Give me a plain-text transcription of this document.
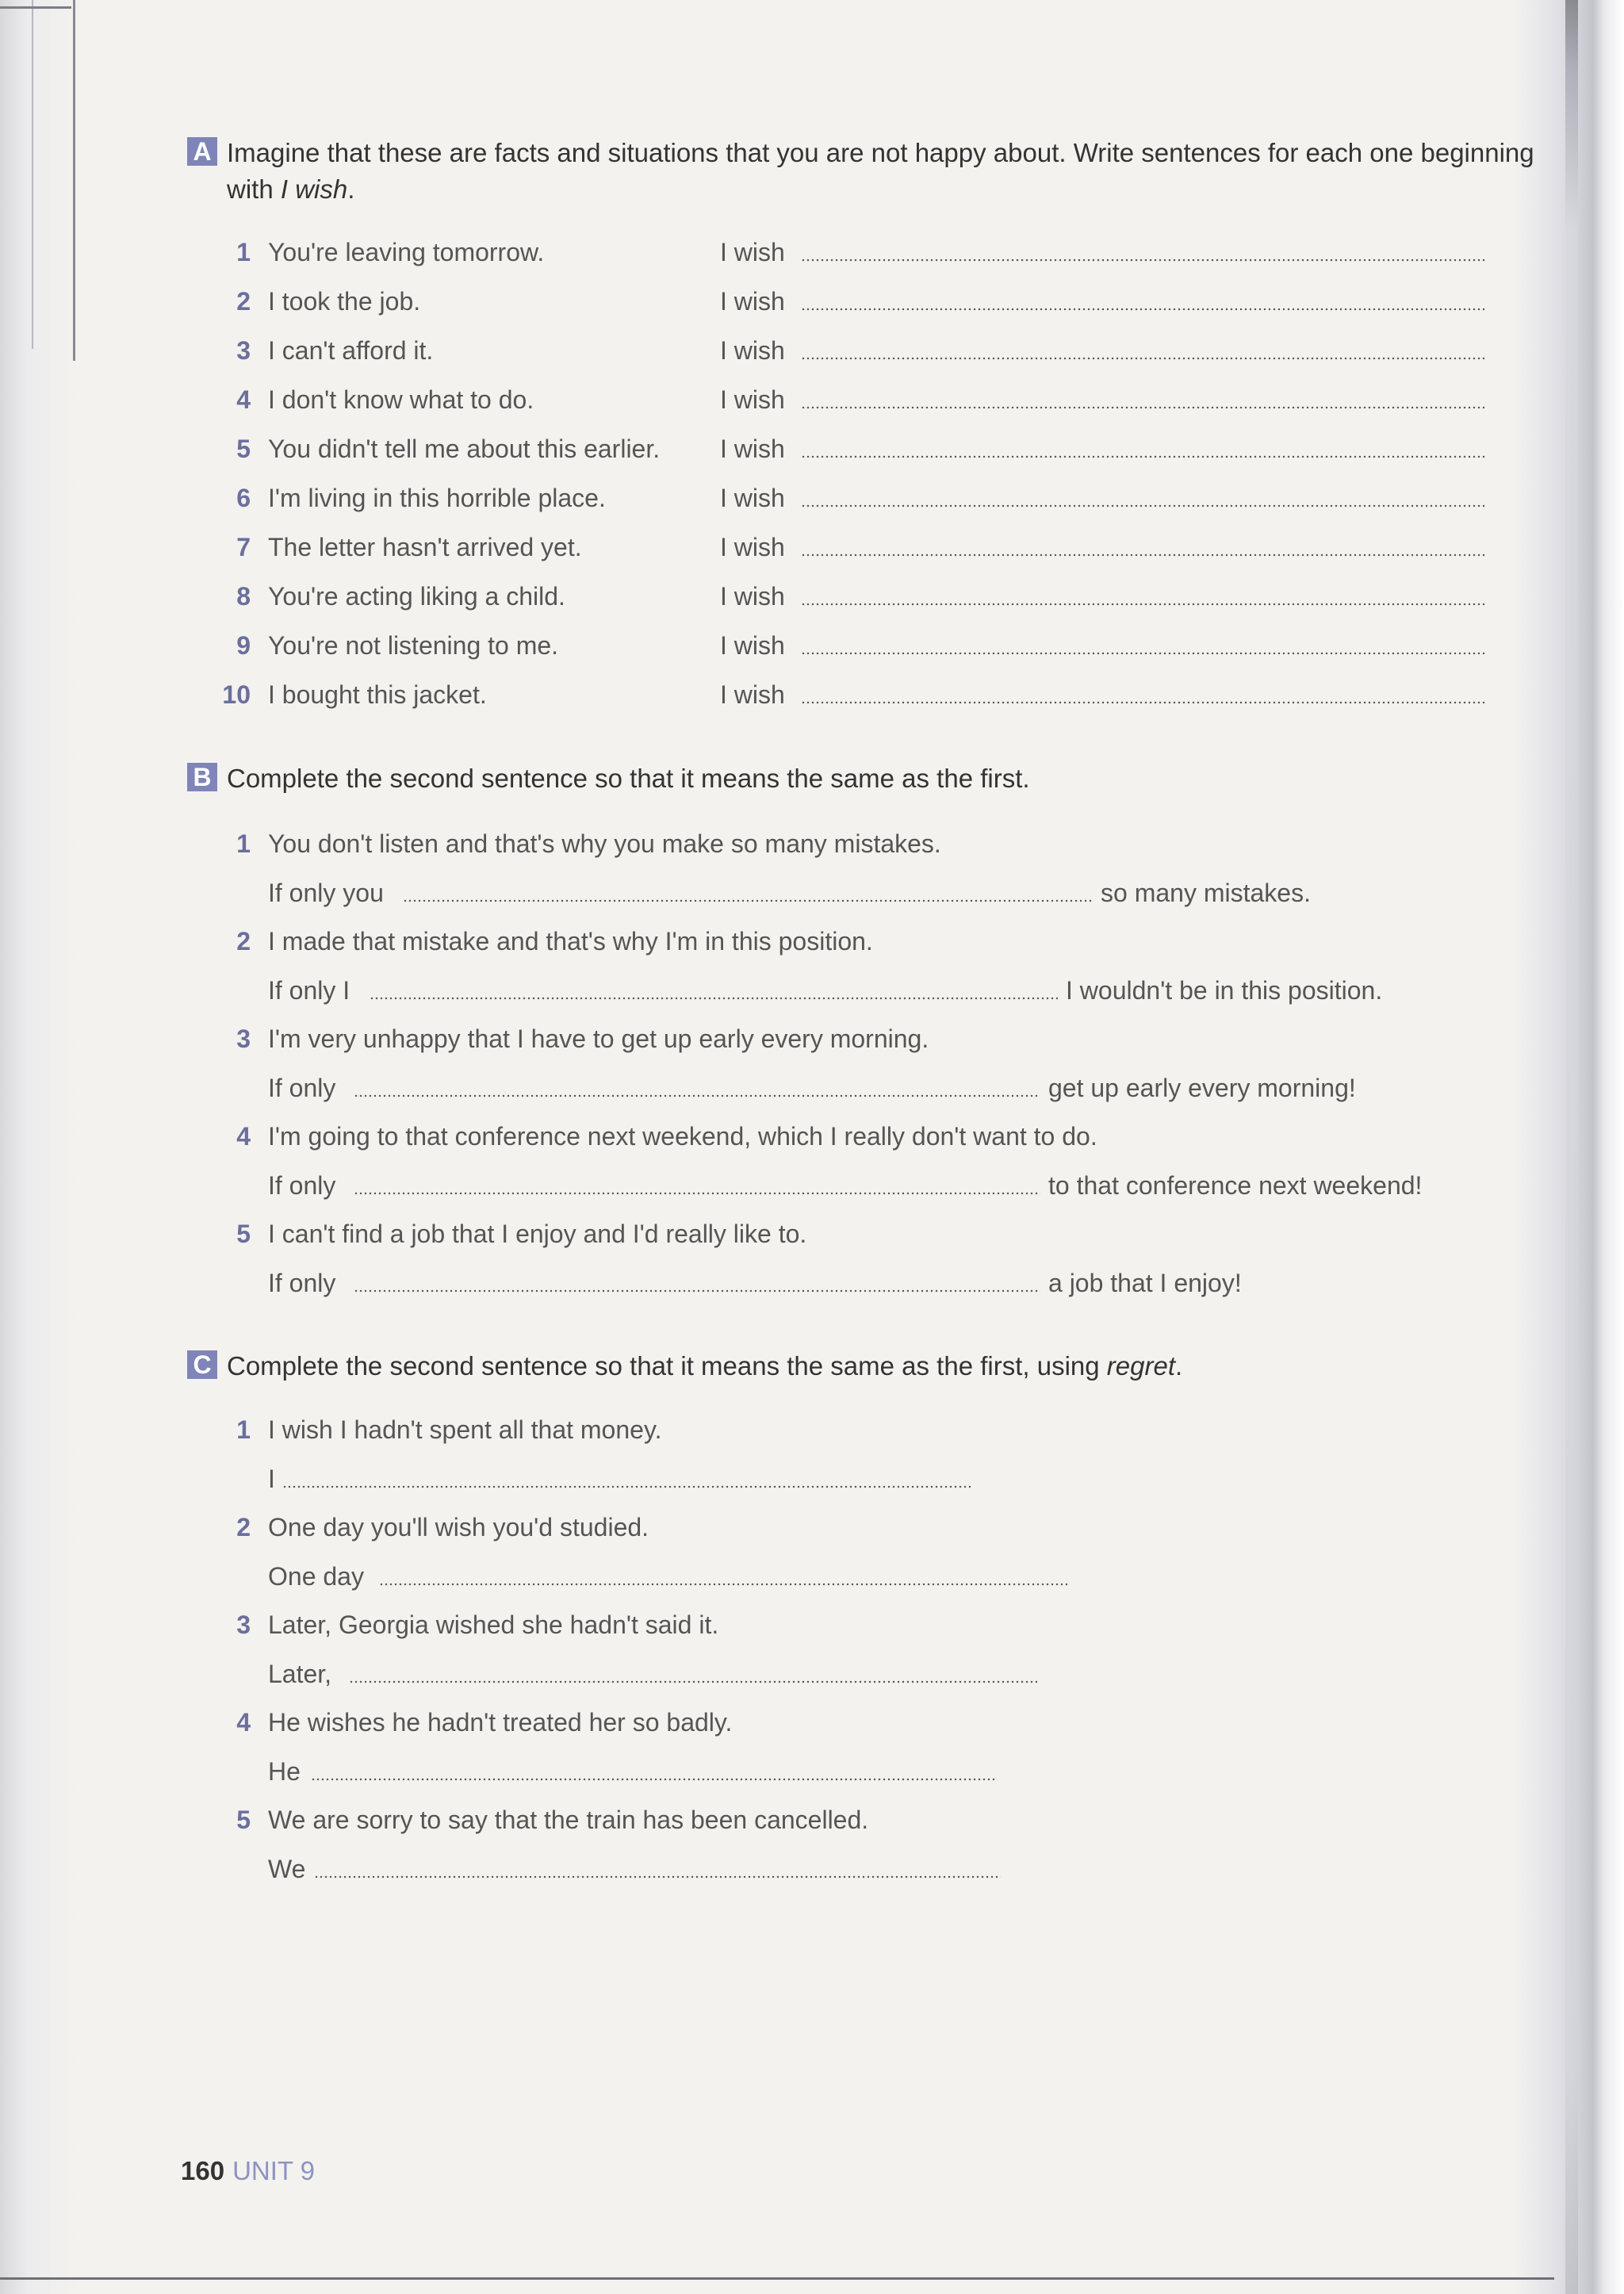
A Imagine that these are facts and situations that you are not happy about. Write sentences for each one beginning with I wish.
1 You're leaving tomorrow.	I wish
2 I took the job.	I wish
3 I can't afford it.	I wish
4 I don't know what to do.	I wish
5 You didn't tell me about this earlier. I wish
6 I'm living in this horrible place.	I wish
7 The letter hasn't arrived yet.	I wish
8 You're acting liking a child.	I wish
9 You're not listening to me.	I wish
10 I bought this jacket.	I wish
B Complete the second sentence so that it means the same as the first.
1 You don't listen and that's why you make so many mistakes.
If only you	so many mistakes.
2 I made that mistake and that's why I'm in this position.
If only I	I wouldn't be in this position.
3 I'm very unhappy that I have to get up early every morning.
If only	get up early every morning!
4 I'm going to that conference next weekend, which I really don't want to do.
If only	to that conference next weekend!
5 I can't find a job that I enjoy and I'd really like to.
If only	a job that I enjoy!
C Complete the second sentence so that it means the same as the first, using regret.
1 I wish I hadn't spent all that money.
I
2 One day you'll wish you'd studied.
One day
3 Later, Georgia wished she hadn't said it.
Later,
4 He wishes he hadn't treated her so badly.
He
5 We are sorry to say that the train has been cancelled.
We
160 UNIT 9
